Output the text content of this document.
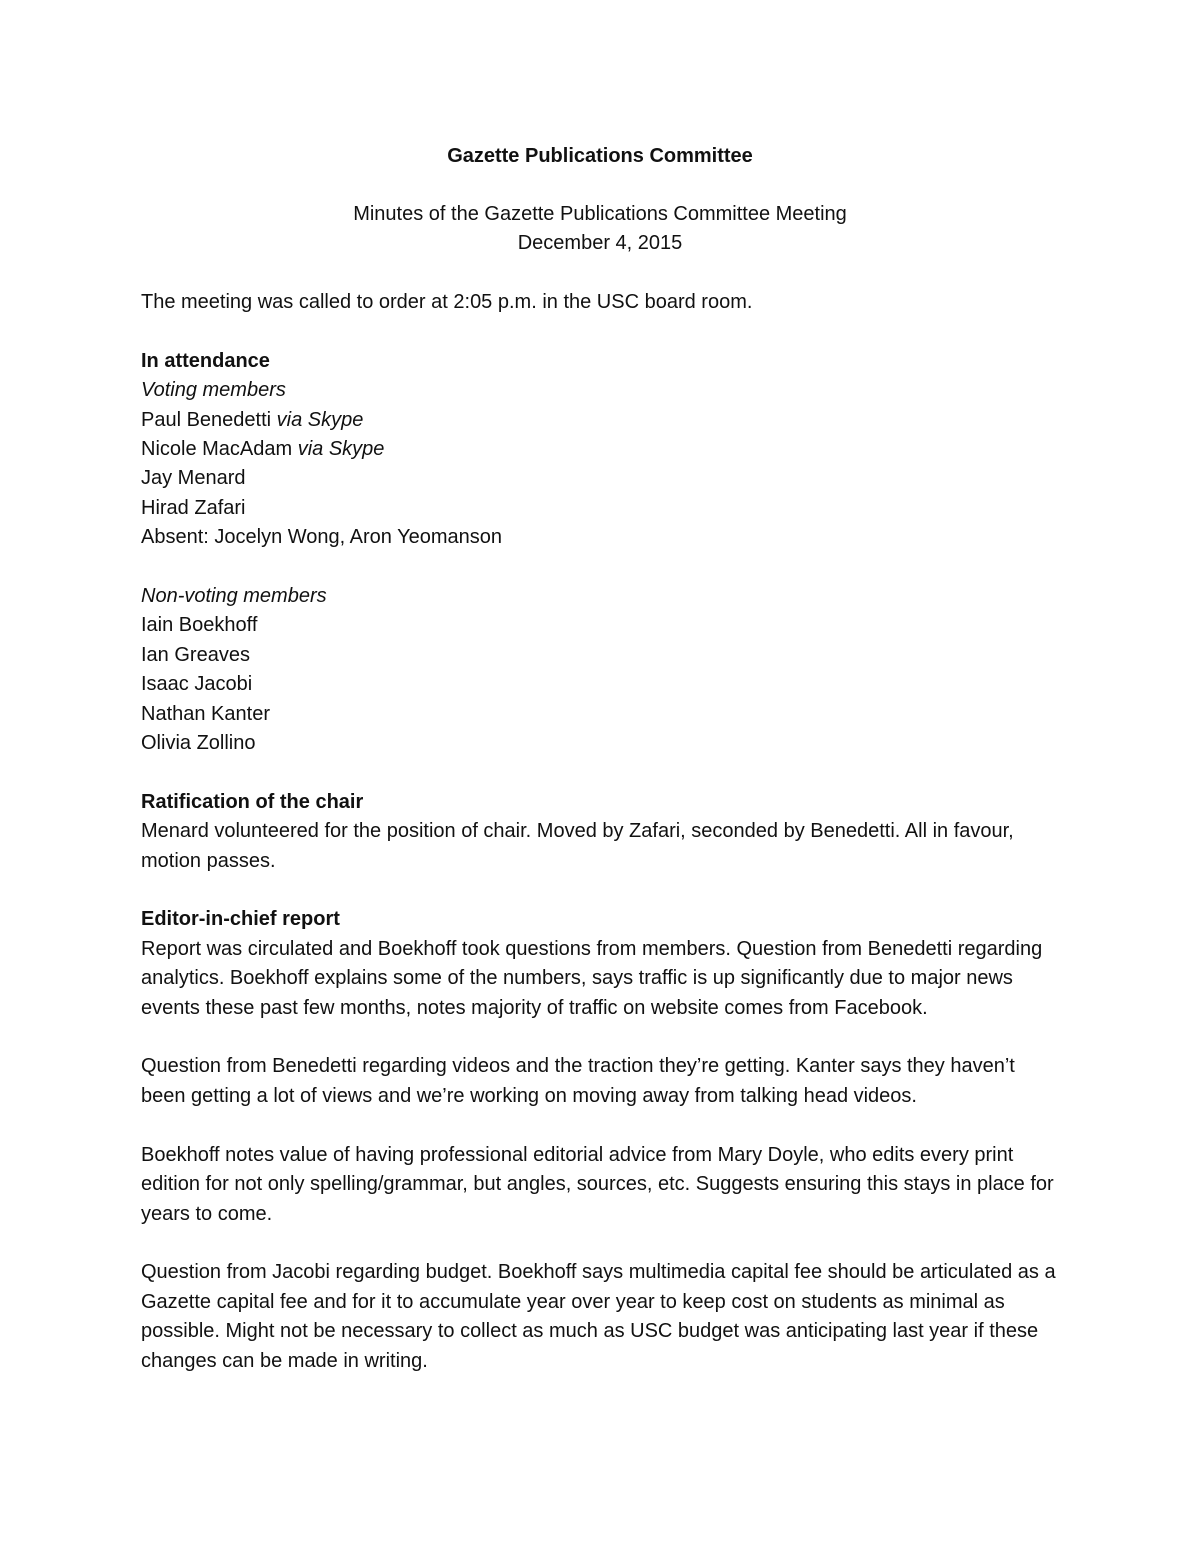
Gazette Publications Committee
Minutes of the Gazette Publications Committee Meeting
December 4, 2015

The meeting was called to order at 2:05 p.m. in the USC board room.

In attendance

Voting members

Paul Benedetti via Skype

Nicole MacAdam via Skype

Jay Menard

Hirad Zafari

Absent: Jocelyn Wong, Aron Yeomanson

Non-voting members

Iain Boekhoff

Ian Greaves

Isaac Jacobi

Nathan Kanter

Olivia Zollino

Ratification of the chair

Menard volunteered for the position of chair. Moved by Zafari, seconded by Benedetti. All in favour, motion passes.

Editor-in-chief report

Report was circulated and Boekhoff took questions from members. Question from Benedetti regarding analytics. Boekhoff explains some of the numbers, says traffic is up significantly due to major news events these past few months, notes majority of traffic on website comes from Facebook.

Question from Benedetti regarding videos and the traction they’re getting. Kanter says they haven’t been getting a lot of views and we’re working on moving away from talking head videos.

Boekhoff notes value of having professional editorial advice from Mary Doyle, who edits every print edition for not only spelling/grammar, but angles, sources, etc. Suggests ensuring this stays in place for years to come.

Question from Jacobi regarding budget. Boekhoff says multimedia capital fee should be articulated as a Gazette capital fee and for it to accumulate year over year to keep cost on students as minimal as possible. Might not be necessary to collect as much as USC budget was anticipating last year if these changes can be made in writing.
